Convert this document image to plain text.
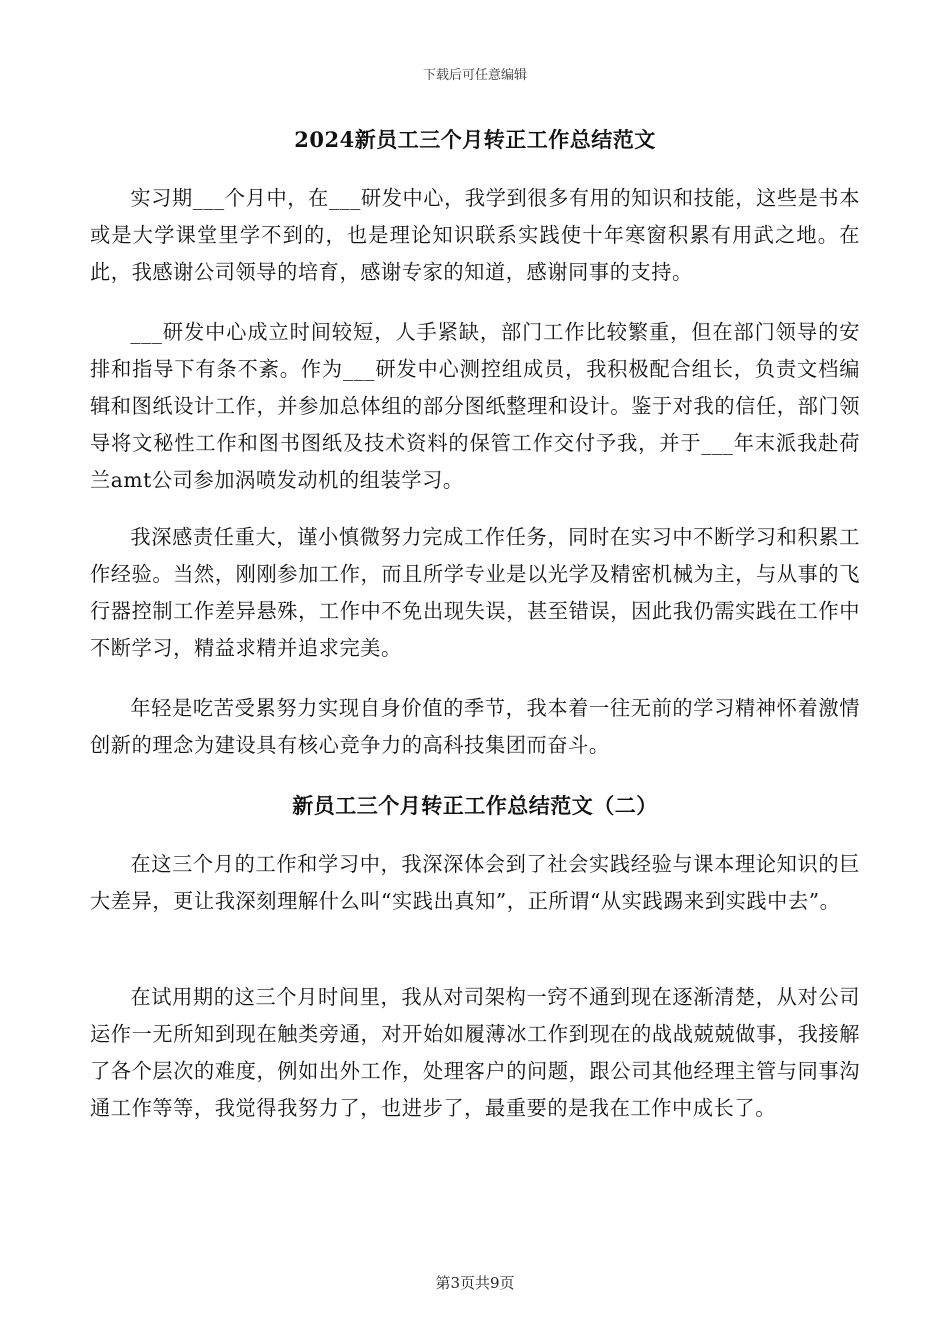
下载后可任意编辑
2024新员工三个月转正工作总结范文

实习期___个月中，在___研发中心，我学到很多有用的知识和技能，这些是书本或是大学课堂里学不到的，也是理论知识联系实践使十年寒窗积累有用武之地。在此，我感谢公司领导的培育，感谢专家的知道，感谢同事的支持。

___研发中心成立时间较短，人手紧缺，部门工作比较繁重，但在部门领导的安排和指导下有条不紊。作为___研发中心测控组成员，我积极配合组长，负责文档编辑和图纸设计工作，并参加总体组的部分图纸整理和设计。鉴于对我的信任，部门领导将文秘性工作和图书图纸及技术资料的保管工作交付予我，并于___年末派我赴荷兰amt公司参加涡喷发动机的组装学习。

我深感责任重大，谨小慎微努力完成工作任务，同时在实习中不断学习和积累工作经验。当然，刚刚参加工作，而且所学专业是以光学及精密机械为主，与从事的飞行器控制工作差异悬殊，工作中不免出现失误，甚至错误，因此我仍需实践在工作中不断学习，精益求精并追求完美。

年轻是吃苦受累努力实现自身价值的季节，我本着一往无前的学习精神怀着激情创新的理念为建设具有核心竞争力的高科技集团而奋斗。

新员工三个月转正工作总结范文（二）

在这三个月的工作和学习中，我深深体会到了社会实践经验与课本理论知识的巨大差异，更让我深刻理解什么叫“实践出真知”，正所谓“从实践踢来到实践中去”。

在试用期的这三个月时间里，我从对司架构一窍不通到现在逐渐清楚，从对公司运作一无所知到现在触类旁通，对开始如履薄冰工作到现在的战战兢兢做事，我接解了各个层次的难度，例如出外工作，处理客户的问题，跟公司其他经理主管与同事沟通工作等等，我觉得我努力了，也进步了，最重要的是我在工作中成长了。

第3页共9页
